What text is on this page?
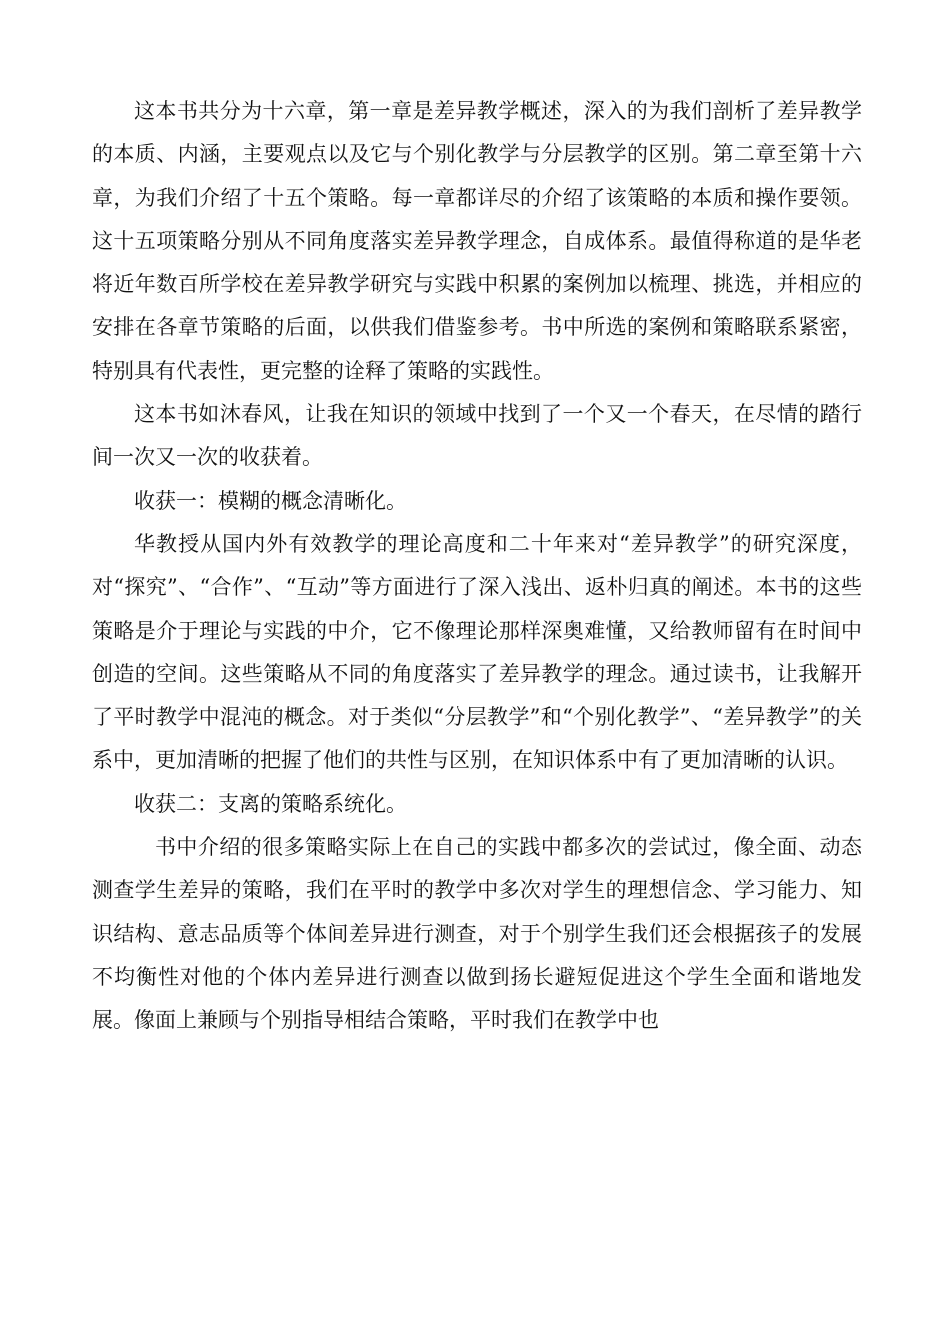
这本书共分为十六章，第一章是差异教学概述，深入的为我们剖析了差异教学的本质、内涵，主要观点以及它与个别化教学与分层教学的区别。第二章至第十六章，为我们介绍了十五个策略。每一章都详尽的介绍了该策略的本质和操作要领。这十五项策略分别从不同角度落实差异教学理念，自成体系。最值得称道的是华老将近年数百所学校在差异教学研究与实践中积累的案例加以梳理、挑选，并相应的安排在各章节策略的后面，以供我们借鉴参考。书中所选的案例和策略联系紧密，特别具有代表性，更完整的诠释了策略的实践性。

这本书如沐春风，让我在知识的领域中找到了一个又一个春天，在尽情的踏行间一次又一次的收获着。

收获一：模糊的概念清晰化。

华教授从国内外有效教学的理论高度和二十年来对“差异教学”的研究深度，对“探究”、“合作”、“互动”等方面进行了深入浅出、返朴归真的阐述。本书的这些策略是介于理论与实践的中介，它不像理论那样深奥难懂，又给教师留有在时间中创造的空间。这些策略从不同的角度落实了差异教学的理念。通过读书，让我解开了平时教学中混沌的概念。对于类似“分层教学”和“个别化教学”、“差异教学”的关系中，更加清晰的把握了他们的共性与区别，在知识体系中有了更加清晰的认识。

收获二：支离的策略系统化。

书中介绍的很多策略实际上在自己的实践中都多次的尝试过，像全面、动态测查学生差异的策略，我们在平时的教学中多次对学生的理想信念、学习能力、知识结构、意志品质等个体间差异进行测查，对于个别学生我们还会根据孩子的发展不均衡性对他的个体内差异进行测查以做到扬长避短促进这个学生全面和谐地发展。像面上兼顾与个别指导相结合策略，平时我们在教学中也
